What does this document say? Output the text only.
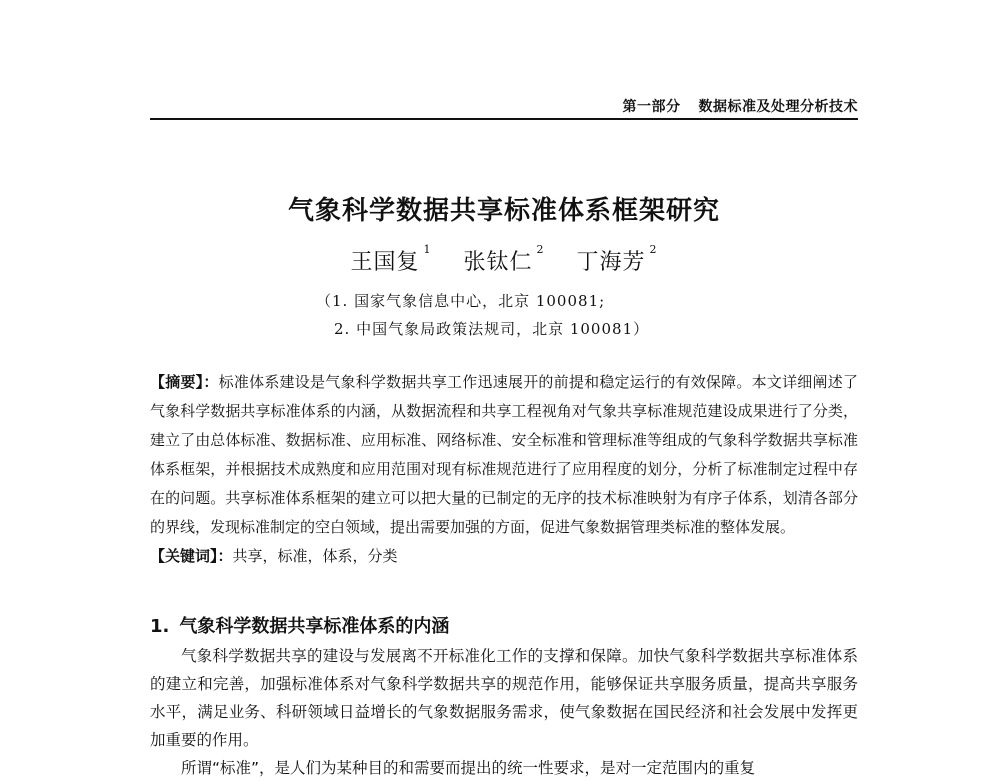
第一部分 数据标准及处理分析技术
气象科学数据共享标准体系框架研究
王国复$^1$ 张钛仁$^2$ 丁海芳$^2$
（1. 国家气象信息中心，北京 100081;
2. 中国气象局政策法规司，北京 100081）

【摘要】：标准体系建设是气象科学数据共享工作迅速展开的前提和稳定运行的有效保障。本文详细阐述了气象科学数据共享标准体系的内涵，从数据流程和共享工程视角对气象共享标准规范建设成果进行了分类，建立了由总体标准、数据标准、应用标准、网络标准、安全标准和管理标准等组成的气象科学数据共享标准体系框架，并根据技术成熟度和应用范围对现有标准规范进行了应用程度的划分，分析了标准制定过程中存在的问题。共享标准体系框架的建立可以把大量的已制定的无序的技术标准映射为有序子体系，划清各部分的界线，发现标准制定的空白领域，提出需要加强的方面，促进气象数据管理类标准的整体发展。

【关键词】：共享，标准，体系，分类

1. 气象科学数据共享标准体系的内涵

气象科学数据共享的建设与发展离不开标准化工作的支撑和保障。加快气象科学数据共享标准体系的建立和完善，加强标准体系对气象科学数据共享的规范作用，能够保证共享服务质量，提高共享服务水平，满足业务、科研领域日益增长的气象数据服务需求，使气象数据在国民经济和社会发展中发挥更加重要的作用。

所谓“标准”，是人们为某种目的和需要而提出的统一性要求，是对一定范围内的重复
